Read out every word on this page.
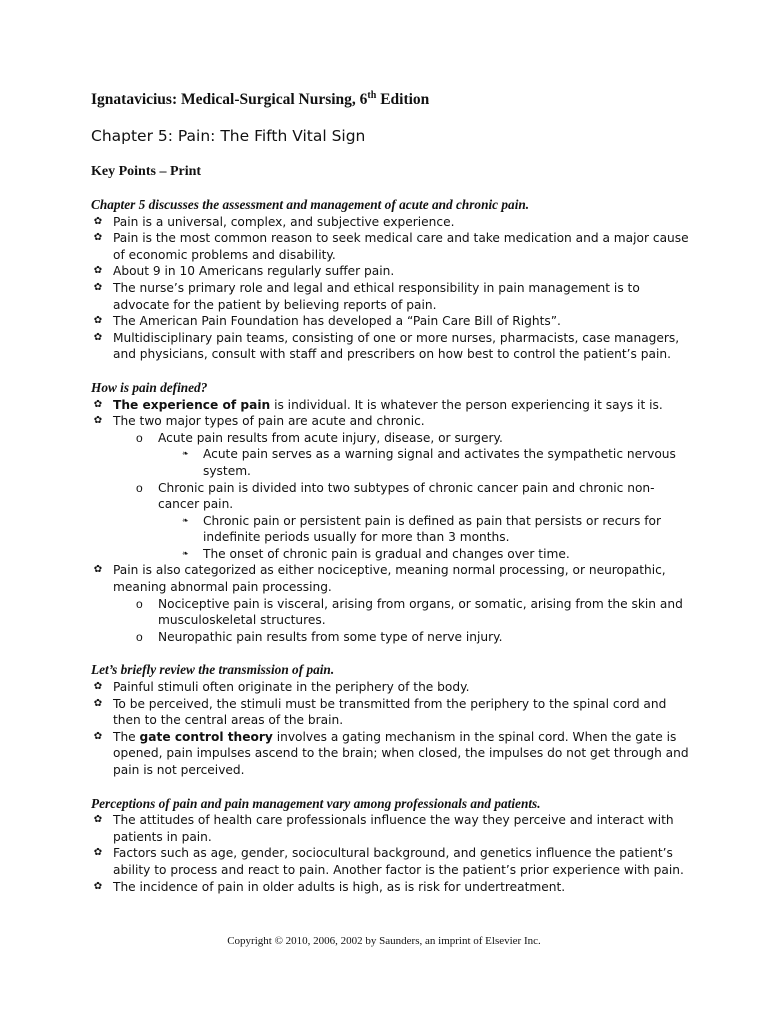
Ignatavicius: Medical-Surgical Nursing, 6th Edition
Chapter 5: Pain: The Fifth Vital Sign
Key Points – Print
Chapter 5 discusses the assessment and management of acute and chronic pain.
✿ Pain is a universal, complex, and subjective experience.
✿ Pain is the most common reason to seek medical care and take medication and a major cause of economic problems and disability.
✿ About 9 in 10 Americans regularly suffer pain.
✿ The nurse’s primary role and legal and ethical responsibility in pain management is to advocate for the patient by believing reports of pain.
✿ The American Pain Foundation has developed a “Pain Care Bill of Rights”.
✿ Multidisciplinary pain teams, consisting of one or more nurses, pharmacists, case managers, and physicians, consult with staff and prescribers on how best to control the patient’s pain.
How is pain defined?
✿ The experience of pain is individual. It is whatever the person experiencing it says it is.
✿ The two major types of pain are acute and chronic.
o Acute pain results from acute injury, disease, or surgery.
❧ Acute pain serves as a warning signal and activates the sympathetic nervous system.
o Chronic pain is divided into two subtypes of chronic cancer pain and chronic non-cancer pain.
❧ Chronic pain or persistent pain is defined as pain that persists or recurs for indefinite periods usually for more than 3 months.
❧ The onset of chronic pain is gradual and changes over time.
✿ Pain is also categorized as either nociceptive, meaning normal processing, or neuropathic, meaning abnormal pain processing.
o Nociceptive pain is visceral, arising from organs, or somatic, arising from the skin and musculoskeletal structures.
o Neuropathic pain results from some type of nerve injury.
Let’s briefly review the transmission of pain.
✿ Painful stimuli often originate in the periphery of the body.
✿ To be perceived, the stimuli must be transmitted from the periphery to the spinal cord and then to the central areas of the brain.
✿ The gate control theory involves a gating mechanism in the spinal cord. When the gate is opened, pain impulses ascend to the brain; when closed, the impulses do not get through and pain is not perceived.
Perceptions of pain and pain management vary among professionals and patients.
✿ The attitudes of health care professionals influence the way they perceive and interact with patients in pain.
✿ Factors such as age, gender, sociocultural background, and genetics influence the patient’s ability to process and react to pain. Another factor is the patient’s prior experience with pain.
✿ The incidence of pain in older adults is high, as is risk for undertreatment.
Copyright © 2010, 2006, 2002 by Saunders, an imprint of Elsevier Inc.
